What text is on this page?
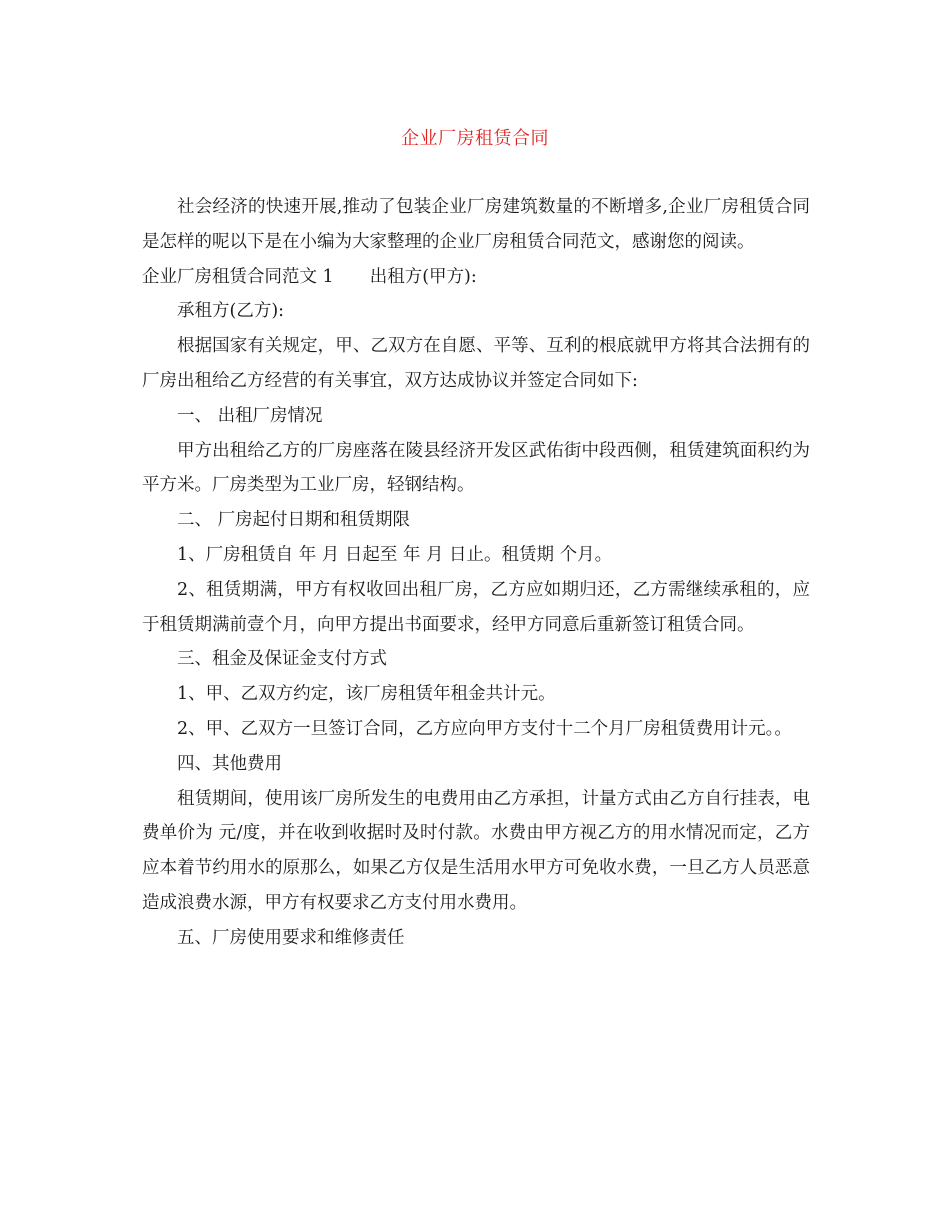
企业厂房租赁合同

社会经济的快速开展,推动了包装企业厂房建筑数量的不断增多,企业厂房租赁合同是怎样的呢以下是在小编为大家整理的企业厂房租赁合同范文，感谢您的阅读。

企业厂房租赁合同范文 1 出租方(甲方):

承租方(乙方):

根据国家有关规定，甲、乙双方在自愿、平等、互利的根底就甲方将其合法拥有的厂房出租给乙方经营的有关事宜，双方达成协议并签定合同如下:

一、 出租厂房情况

甲方出租给乙方的厂房座落在陵县经济开发区武佑街中段西侧，租赁建筑面积约为 平方米。厂房类型为工业厂房，轻钢结构。

二、 厂房起付日期和租赁期限

1、厂房租赁自 年 月 日起至 年 月 日止。租赁期 个月。

2、租赁期满，甲方有权收回出租厂房，乙方应如期归还，乙方需继续承租的，应于租赁期满前壹个月，向甲方提出书面要求，经甲方同意后重新签订租赁合同。

三、租金及保证金支付方式

1、甲、乙双方约定，该厂房租赁年租金共计元。

2、甲、乙双方一旦签订合同，乙方应向甲方支付十二个月厂房租赁费用计元。。

四、其他费用

租赁期间，使用该厂房所发生的电费用由乙方承担，计量方式由乙方自行挂表，电费单价为 元/度，并在收到收据时及时付款。水费由甲方视乙方的用水情况而定，乙方应本着节约用水的原那么，如果乙方仅是生活用水甲方可免收水费，一旦乙方人员恶意造成浪费水源，甲方有权要求乙方支付用水费用。

五、厂房使用要求和维修责任
